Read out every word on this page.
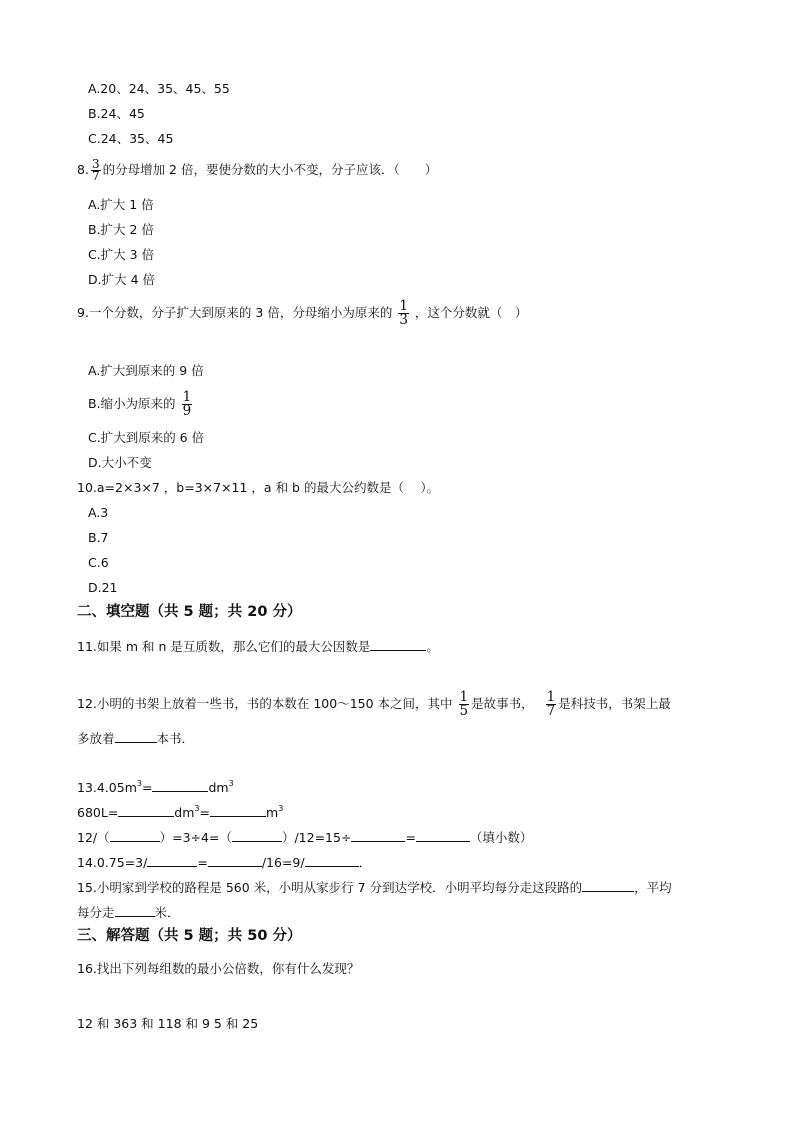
A.20、24、35、45、55
B.24、45
C.24、35、45
8. $\frac{3}{7}$ 的分母增加 2 倍，要使分数的大小不变，分子应该．（　　）
A.扩大 1 倍
B.扩大 2 倍
C.扩大 3 倍
D.扩大 4 倍
9.一个分数，分子扩大到原来的 3 倍，分母缩小为原来的 $\frac{1}{3}$ ，这个分数就（　）
A.扩大到原来的 9 倍
B.缩小为原来的 $\frac{1}{9}$
C.扩大到原来的 6 倍
D.大小不变
10.a=2×3×7 ，b=3×7×11 ，a 和 b 的最大公约数是（　 ）。
A.3
B.7
C.6
D.21
二、填空题（共 5 题；共 20 分）
11.如果 m 和 n 是互质数，那么它们的最大公因数是	。
12.小明的书架上放着一些书，书的本数在 100～150 本之间，其中 $\frac{1}{5}$ 是故事书， $\frac{1}{7}$ 是科技书，书架上最
多放着	本书．
$13.4.05m^3=$	$dm^3$
680L=	$dm^3=$	$m^3$
12/（	）=3÷4=（	）/12=15÷	=	（填小数）
14.0.75=3/	=	/16=9/	．
15.小明家到学校的路程是 560 米，小明从家步行 7 分到达学校．小明平均每分走这段路的	，平均
每分走	米．
三、解答题（共 5 题；共 50 分）
16.找出下列每组数的最小公倍数，你有什么发现？
12 和 363 和 118 和 9 5 和 25
